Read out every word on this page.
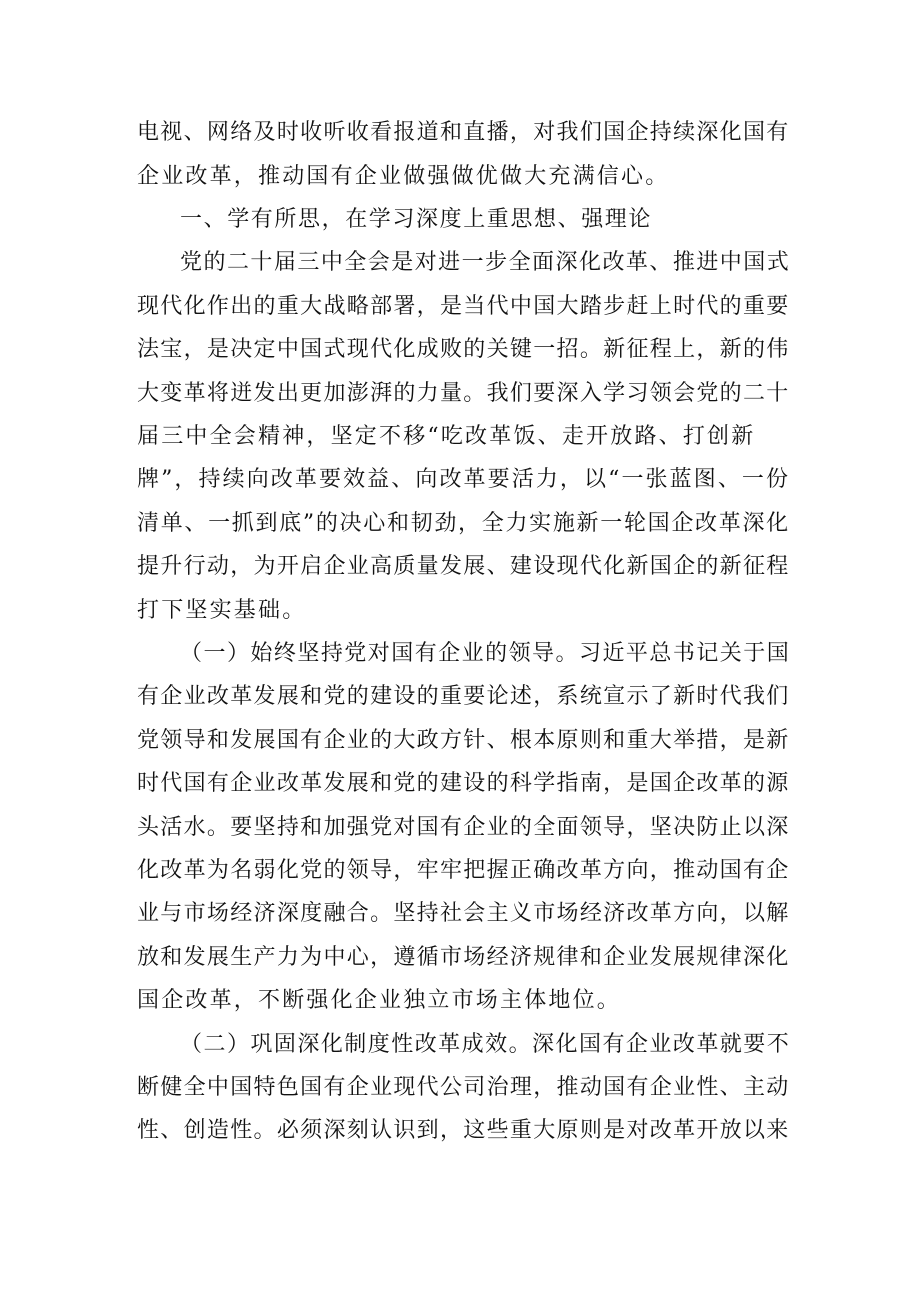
电视、网络及时收听收看报道和直播，对我们国企持续深化国有
企业改革，推动国有企业做强做优做大充满信心。
一、学有所思，在学习深度上重思想、强理论
党的二十届三中全会是对进一步全面深化改革、推进中国式
现代化作出的重大战略部署，是当代中国大踏步赶上时代的重要
法宝，是决定中国式现代化成败的关键一招。新征程上，新的伟
大变革将迸发出更加澎湃的力量。我们要深入学习领会党的二十
届三中全会精神，坚定不移“吃改革饭、走开放路、打创新
牌”，持续向改革要效益、向改革要活力，以“一张蓝图、一份
清单、一抓到底”的决心和韧劲，全力实施新一轮国企改革深化
提升行动，为开启企业高质量发展、建设现代化新国企的新征程
打下坚实基础。
（一）始终坚持党对国有企业的领导。习近平总书记关于国
有企业改革发展和党的建设的重要论述，系统宣示了新时代我们
党领导和发展国有企业的大政方针、根本原则和重大举措，是新
时代国有企业改革发展和党的建设的科学指南，是国企改革的源
头活水。要坚持和加强党对国有企业的全面领导，坚决防止以深
化改革为名弱化党的领导，牢牢把握正确改革方向，推动国有企
业与市场经济深度融合。坚持社会主义市场经济改革方向，以解
放和发展生产力为中心，遵循市场经济规律和企业发展规律深化
国企改革，不断强化企业独立市场主体地位。
（二）巩固深化制度性改革成效。深化国有企业改革就要不
断健全中国特色国有企业现代公司治理，推动国有企业性、主动
性、创造性。必须深刻认识到，这些重大原则是对改革开放以来
